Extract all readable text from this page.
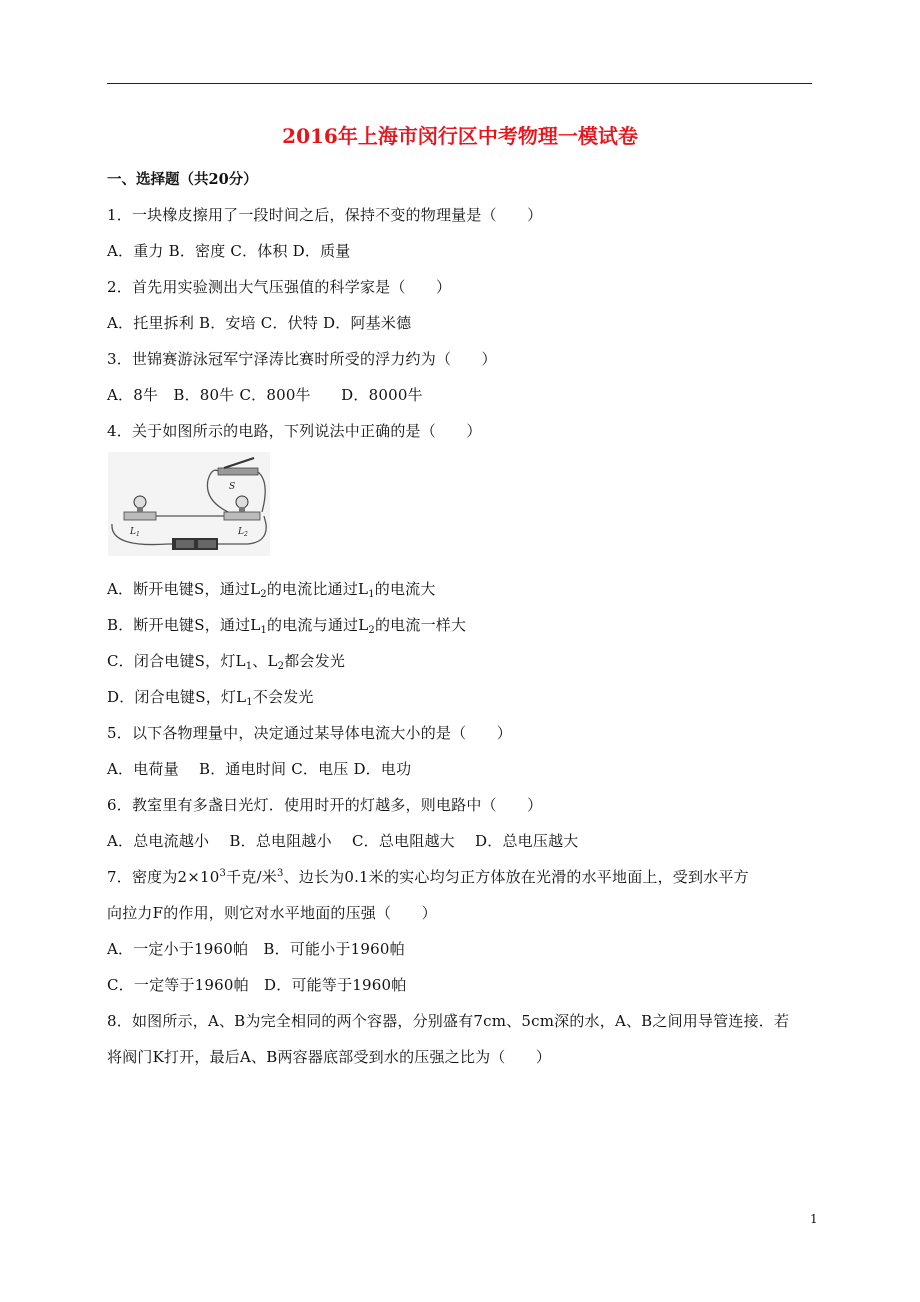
2016年上海市闵行区中考物理一模试卷
一、选择题（共20分）
1．一块橡皮擦用了一段时间之后，保持不变的物理量是（　　）
A．重力 B．密度 C．体积 D．质量
2．首先用实验测出大气压强值的科学家是（　　）
A．托里拆利 B．安培 C．伏特 D．阿基米德
3．世锦赛游泳冠军宁泽涛比赛时所受的浮力约为（　　）
A．8牛　B．80牛 C．800牛　　D．8000牛
4．关于如图所示的电路，下列说法中正确的是（　　）
S
$L_1$	$L_2$
A．断开电键S，通过$L_2$的电流比通过$L_1$的电流大
B．断开电键S，通过$L_1$的电流与通过$L_2$的电流一样大
C．闭合电键S，灯$L_1$、$L_2$都会发光
D．闭合电键S，灯$L_1$不会发光
5．以下各物理量中，决定通过某导体电流大小的是（　　）
A．电荷量　 B．通电时间 C．电压 D．电功
6．教室里有多盏日光灯．使用时开的灯越多，则电路中（　　）
A．总电流越小　 B．总电阻越小　 C．总电阻越大　 D．总电压越大
7．密度为$2\times 10^3$千克/米$^3$、边长为0.1米的实心均匀正方体放在光滑的水平地面上，受到水平方
向拉力F的作用，则它对水平地面的压强（　　）
A．一定小于1960帕　B．可能小于1960帕
C．一定等于1960帕　D．可能等于1960帕
8．如图所示，A、B为完全相同的两个容器，分别盛有7cm、5cm深的水，A、B之间用导管连接．若
将阀门K打开，最后A、B两容器底部受到水的压强之比为（　　）
1
